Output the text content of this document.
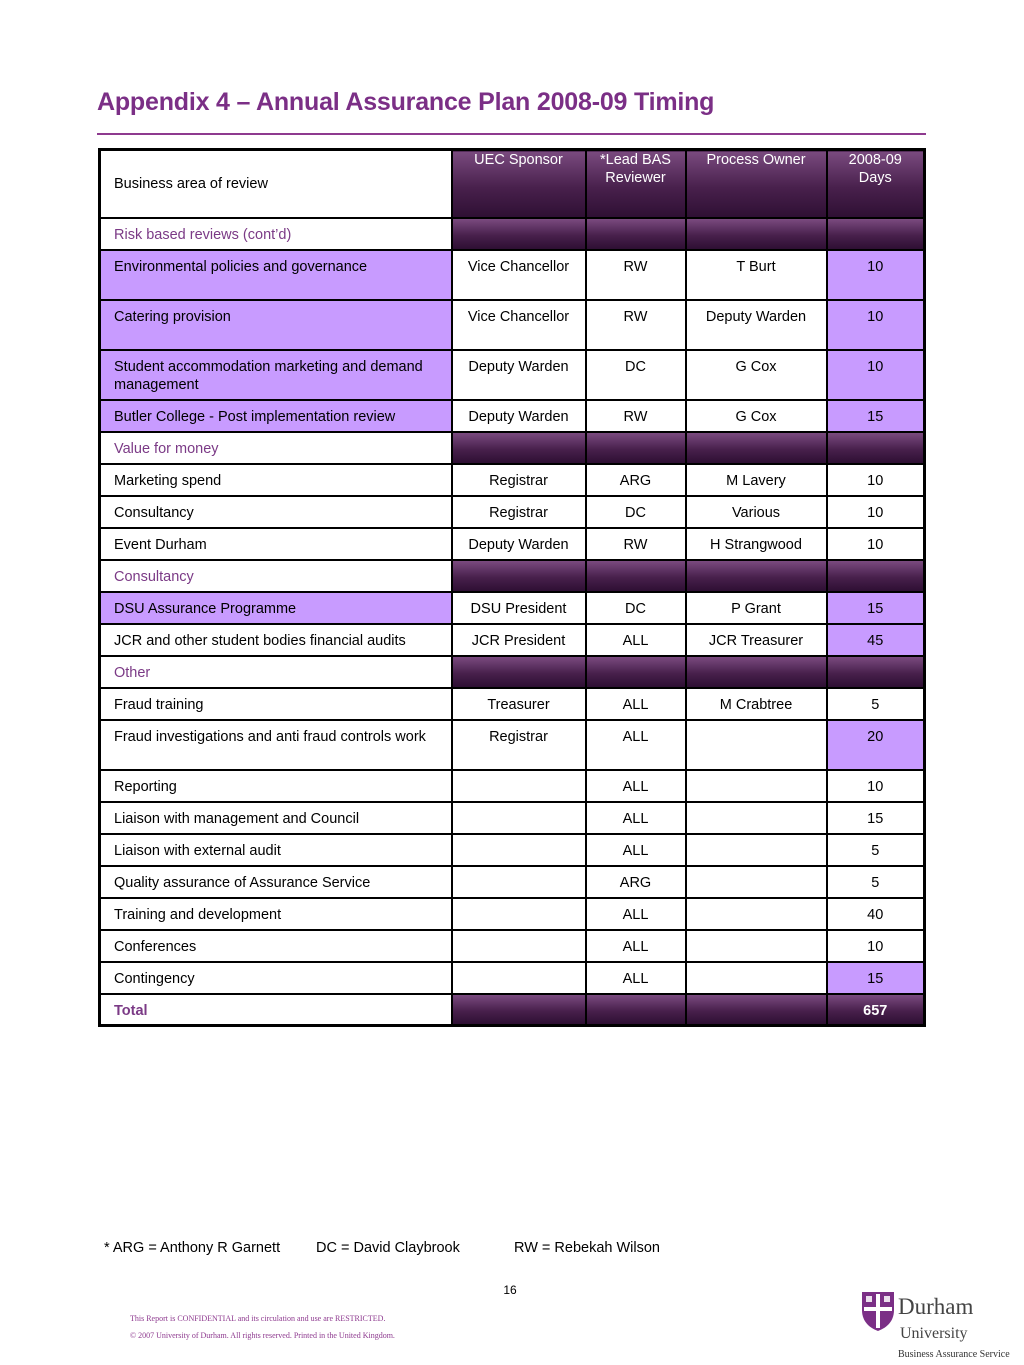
Appendix 4 – Annual Assurance Plan 2008-09 Timing
Business area of review	UEC Sponsor	*Lead BAS Reviewer	Process Owner	2008-09 Days
Risk based reviews (cont’d)				
Environmental policies and governance	Vice Chancellor	RW	T Burt	10
Catering provision	Vice Chancellor	RW	Deputy Warden	10
Student accommodation marketing and demand management	Deputy Warden	DC	G Cox	10
Butler College - Post implementation review	Deputy Warden	RW	G Cox	15
Value for money				
Marketing spend	Registrar	ARG	M Lavery	10
Consultancy	Registrar	DC	Various	10
Event Durham	Deputy Warden	RW	H Strangwood	10
Consultancy				
DSU Assurance Programme	DSU President	DC	P Grant	15
JCR and other student bodies financial audits	JCR President	ALL	JCR Treasurer	45
Other				
Fraud training	Treasurer	ALL	M Crabtree	5
Fraud investigations and anti fraud controls work	Registrar	ALL		20
Reporting		ALL		10
Liaison with management and Council		ALL		15
Liaison with external audit		ALL		5
Quality assurance of Assurance Service		ARG		5
Training and development		ALL		40
Conferences		ALL		10
Contingency		ALL		15
Total				657
* ARG = Anthony R Garnett DC = David Claybrook	RW = Rebekah Wilson
16
This Report is CONFIDENTIAL and its circulation and use are RESTRICTED.
© 2007 University of Durham. All rights reserved. Printed in the United Kingdom.
Durham
University
Business Assurance Service
